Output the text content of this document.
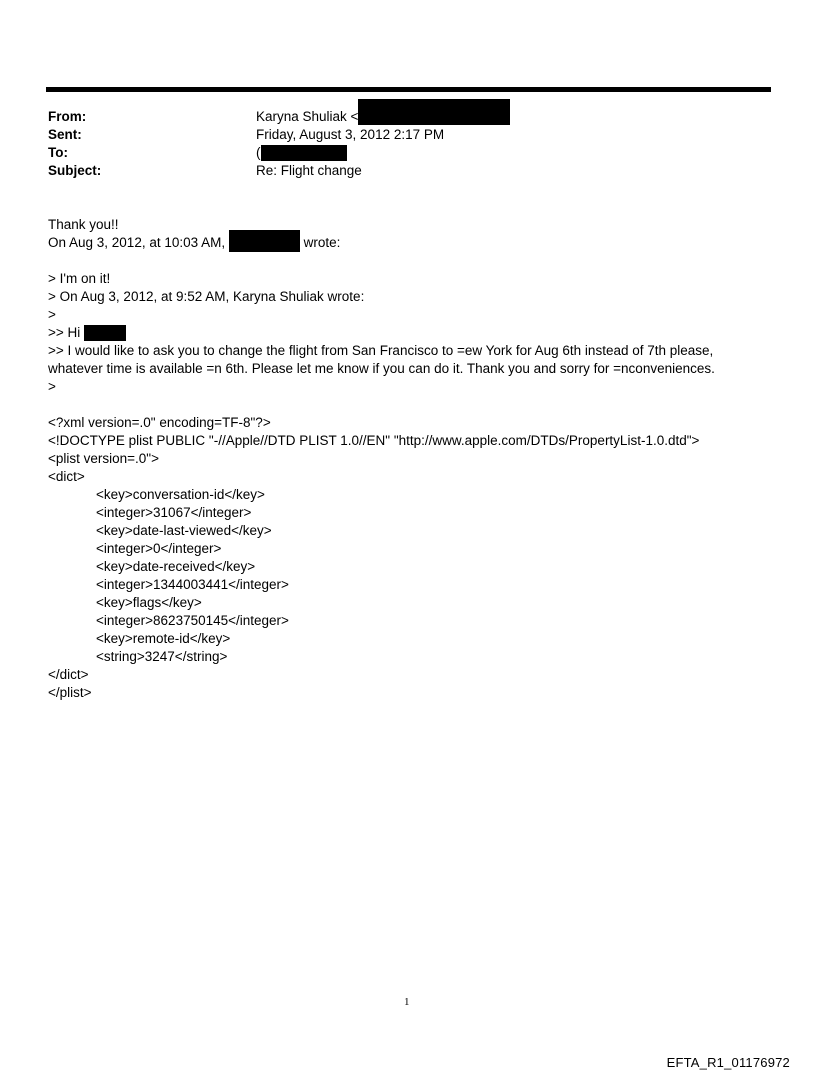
From:	Karyna Shuliak <
Sent:	Friday, August 3, 2012 2:17 PM
To:	(
Subject:	Re: Flight change
Thank you!!
On Aug 3, 2012, at 10:03 AM,	wrote:
> I'm on it!
> On Aug 3, 2012, at 9:52 AM, Karyna Shuliak wrote:
>
>> Hi
>> I would like to ask you to change the flight from San Francisco to =ew York for Aug 6th instead of 7th please, whatever time is available =n 6th. Please let me know if you can do it. Thank you and sorry for =nconveniences.
>
<?xml version=.0" encoding=TF-8"?>
<!DOCTYPE plist PUBLIC "-//Apple//DTD PLIST 1.0//EN" "http://www.apple.com/DTDs/PropertyList-1.0.dtd">
<plist version=.0">
<dict>
<key>conversation-id</key>
<integer>31067</integer>
<key>date-last-viewed</key>
<integer>0</integer>
<key>date-received</key>
<integer>1344003441</integer>
<key>flags</key>
<integer>8623750145</integer>
<key>remote-id</key>
<string>3247</string>
</dict>
</plist>
1
EFTA_R1_01176972
